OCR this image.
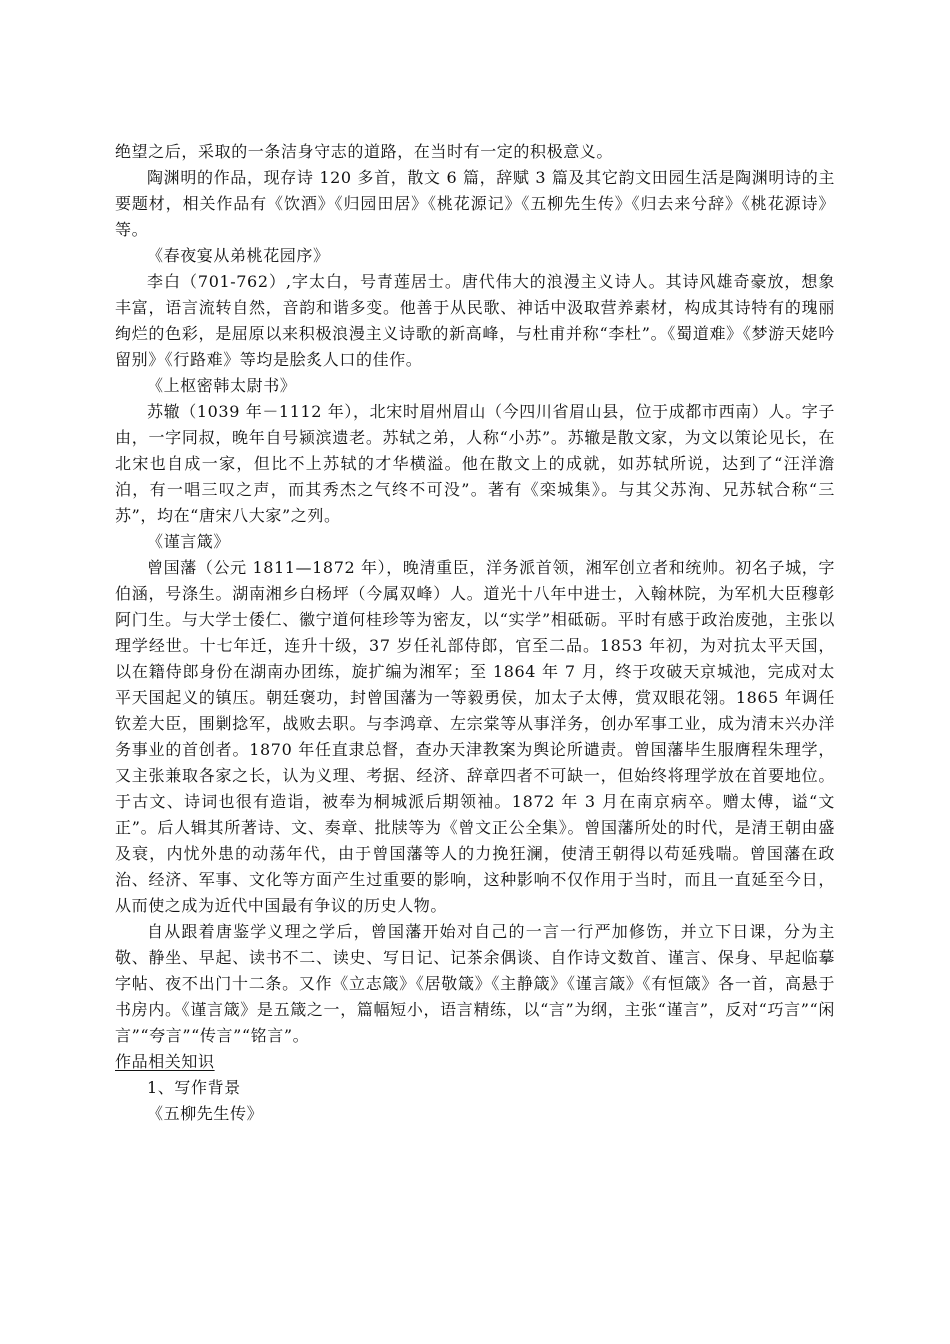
绝望之后，采取的一条洁身守志的道路，在当时有一定的积极意义。

陶渊明的作品，现存诗 120 多首，散文 6 篇，辞赋 3 篇及其它韵文田园生活是陶渊明诗的主要题材，相关作品有《饮酒》《归园田居》《桃花源记》《五柳先生传》《归去来兮辞》《桃花源诗》等。

《春夜宴从弟桃花园序》

李白（701-762）,字太白，号青莲居士。唐代伟大的浪漫主义诗人。其诗风雄奇豪放，想象丰富，语言流转自然，音韵和谐多变。他善于从民歌、神话中汲取营养素材，构成其诗特有的瑰丽绚烂的色彩，是屈原以来积极浪漫主义诗歌的新高峰，与杜甫并称“李杜”。《蜀道难》《梦游天姥吟留别》《行路难》等均是脍炙人口的佳作。

《上枢密韩太尉书》

苏辙（1039 年－1112 年），北宋时眉州眉山（今四川省眉山县，位于成都市西南）人。字子由，一字同叔，晚年自号颍滨遗老。苏轼之弟，人称“小苏”。苏辙是散文家，为文以策论见长，在北宋也自成一家，但比不上苏轼的才华横溢。他在散文上的成就，如苏轼所说，达到了“汪洋澹泊，有一唱三叹之声，而其秀杰之气终不可没”。著有《栾城集》。与其父苏洵、兄苏轼合称“三苏”，均在“唐宋八大家”之列。

《谨言箴》

曾国藩（公元 1811—1872 年），晚清重臣，洋务派首领，湘军创立者和统帅。初名子城，字伯涵，号涤生。湖南湘乡白杨坪（今属双峰）人。道光十八年中进士，入翰林院，为军机大臣穆彰阿门生。与大学士倭仁、徽宁道何桂珍等为密友，以“实学”相砥砺。平时有感于政治废弛，主张以理学经世。十七年迁，连升十级，37 岁任礼部侍郎，官至二品。1853 年初，为对抗太平天国，以在籍侍郎身份在湖南办团练，旋扩编为湘军；至 1864 年 7 月，终于攻破天京城池，完成对太平天国起义的镇压。朝廷褒功，封曾国藩为一等毅勇侯，加太子太傅，赏双眼花翎。1865 年调任钦差大臣，围剿捻军，战败去职。与李鸿章、左宗棠等从事洋务，创办军事工业，成为清末兴办洋务事业的首创者。1870 年任直隶总督，查办天津教案为舆论所谴责。曾国藩毕生服膺程朱理学，又主张兼取各家之长，认为义理、考据、经济、辞章四者不可缺一，但始终将理学放在首要地位。于古文、诗词也很有造诣，被奉为桐城派后期领袖。1872 年 3 月在南京病卒。赠太傅，谥“文正”。后人辑其所著诗、文、奏章、批牍等为《曾文正公全集》。曾国藩所处的时代，是清王朝由盛及衰，内忧外患的动荡年代，由于曾国藩等人的力挽狂澜，使清王朝得以苟延残喘。曾国藩在政治、经济、军事、文化等方面产生过重要的影响，这种影响不仅作用于当时，而且一直延至今日，从而使之成为近代中国最有争议的历史人物。

自从跟着唐鉴学义理之学后，曾国藩开始对自己的一言一行严加修饬，并立下日课，分为主敬、静坐、早起、读书不二、读史、写日记、记茶余偶谈、自作诗文数首、谨言、保身、早起临摹字帖、夜不出门十二条。又作《立志箴》《居敬箴》《主静箴》《谨言箴》《有恒箴》各一首，高悬于书房内。《谨言箴》是五箴之一，篇幅短小，语言精练，以“言”为纲，主张“谨言”，反对“巧言”“闲言”“夸言”“传言”“铭言”。

作品相关知识

1、写作背景

《五柳先生传》
